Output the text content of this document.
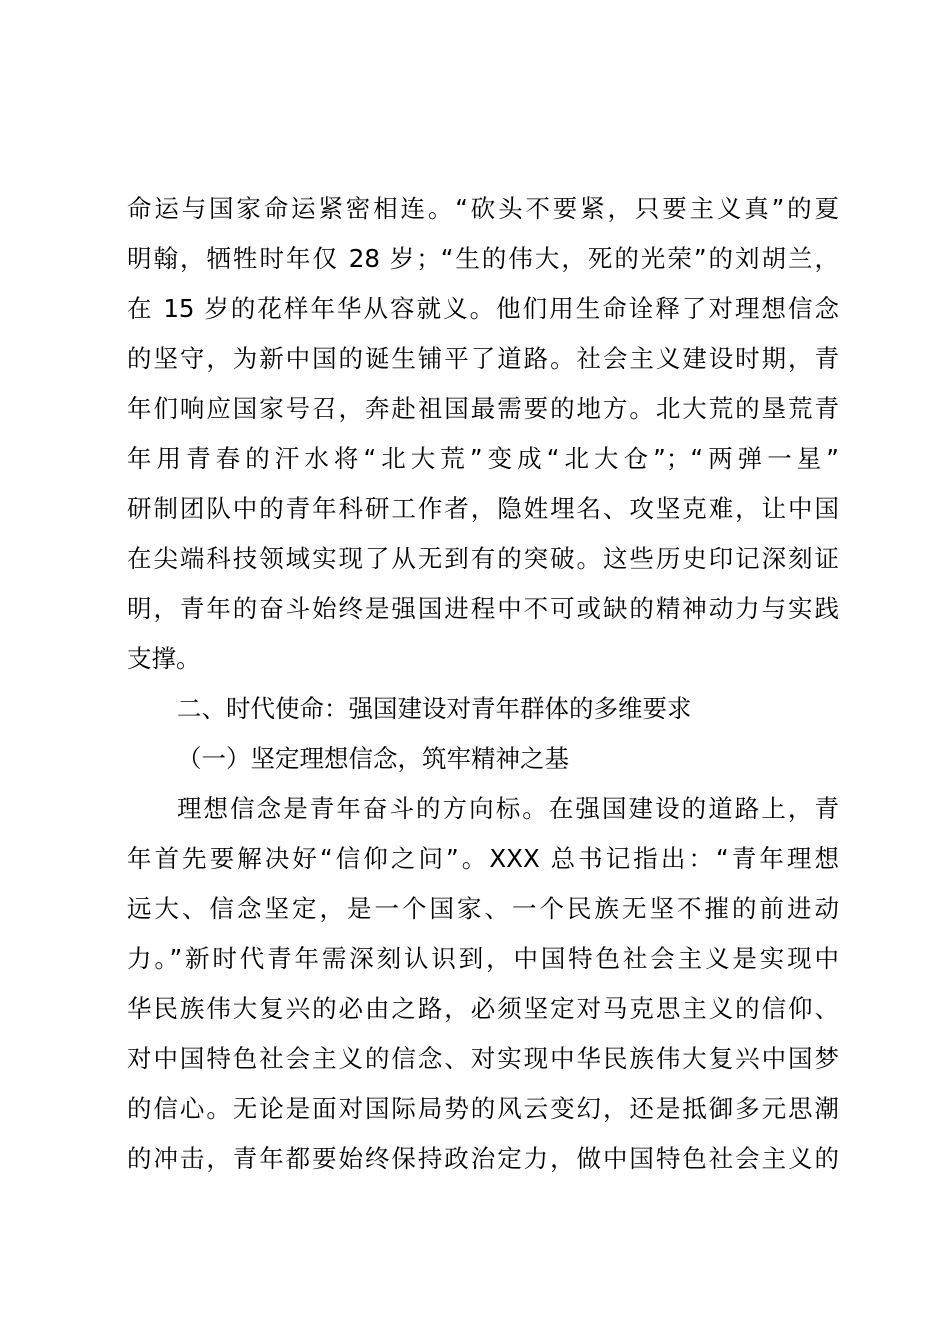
命运与国家命运紧密相连。“砍头不要紧，只要主义真”的夏
明翰，牺牲时年仅 28 岁；“生的伟大，死的光荣”的刘胡兰，
在 15 岁的花样年华从容就义。他们用生命诠释了对理想信念
的坚守，为新中国的诞生铺平了道路。社会主义建设时期，青
年们响应国家号召，奔赴祖国最需要的地方。北大荒的垦荒青
年用青春的汗水将“北大荒”变成“北大仓”；“两弹一星”
研制团队中的青年科研工作者，隐姓埋名、攻坚克难，让中国
在尖端科技领域实现了从无到有的突破。这些历史印记深刻证
明，青年的奋斗始终是强国进程中不可或缺的精神动力与实践
支撑。
二、时代使命：强国建设对青年群体的多维要求
（一）坚定理想信念，筑牢精神之基
理想信念是青年奋斗的方向标。在强国建设的道路上，青
年首先要解决好“信仰之问”。XXX 总书记指出：“青年理想
远大、信念坚定，是一个国家、一个民族无坚不摧的前进动
力。”新时代青年需深刻认识到，中国特色社会主义是实现中
华民族伟大复兴的必由之路，必须坚定对马克思主义的信仰、
对中国特色社会主义的信念、对实现中华民族伟大复兴中国梦
的信心。无论是面对国际局势的风云变幻，还是抵御多元思潮
的冲击，青年都要始终保持政治定力，做中国特色社会主义的
